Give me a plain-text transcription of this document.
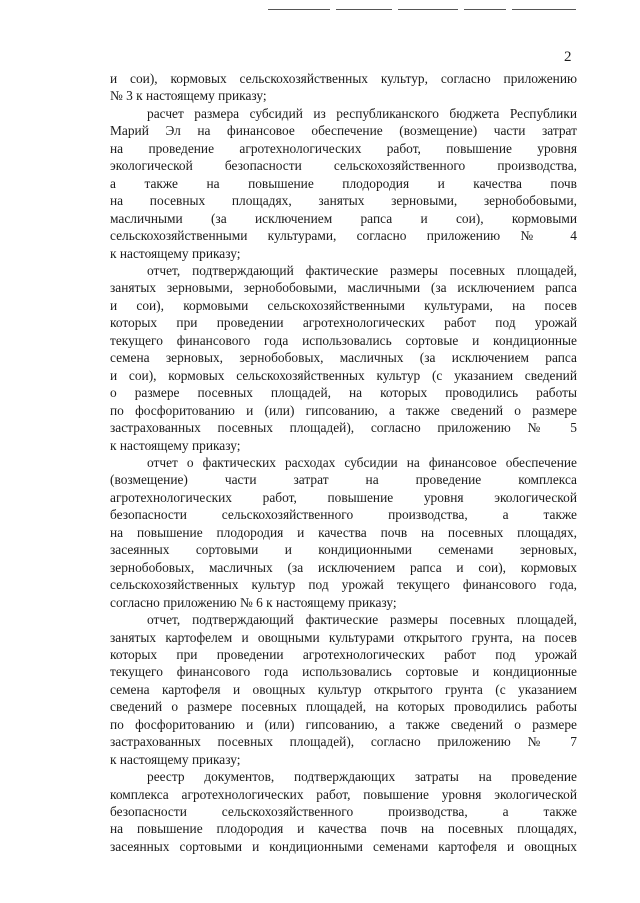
2

и сои), кормовых сельскохозяйственных культур, согласно приложению
№ 3 к настоящему приказу;

расчет размера субсидий из республиканского бюджета Республики
Марий Эл на финансовое обеспечение (возмещение) части затрат
на проведение агротехнологических работ, повышение уровня
экологической безопасности сельскохозяйственного производства,
а также на повышение плодородия и качества почв
на посевных площадях, занятых зерновыми, зернобобовыми,
масличными (за исключением рапса и сои), кормовыми
сельскохозяйственными культурами, согласно приложению № 4
к настоящему приказу;

отчет, подтверждающий фактические размеры посевных площадей,
занятых зерновыми, зернобобовыми, масличными (за исключением рапса
и сои), кормовыми сельскохозяйственными культурами, на посев
которых при проведении агротехнологических работ под урожай
текущего финансового года использовались сортовые и кондиционные
семена зерновых, зернобобовых, масличных (за исключением рапса
и сои), кормовых сельскохозяйственных культур (с указанием сведений
о размере посевных площадей, на которых проводились работы
по фосфоритованию и (или) гипсованию, а также сведений о размере
застрахованных посевных площадей), согласно приложению № 5
к настоящему приказу;

отчет о фактических расходах субсидии на финансовое обеспечение
(возмещение) части затрат на проведение комплекса
агротехнологических работ, повышение уровня экологической
безопасности сельскохозяйственного производства, а также
на повышение плодородия и качества почв на посевных площадях,
засеянных сортовыми и кондиционными семенами зерновых,
зернобобовых, масличных (за исключением рапса и сои), кормовых
сельскохозяйственных культур под урожай текущего финансового года,
согласно приложению № 6 к настоящему приказу;

отчет, подтверждающий фактические размеры посевных площадей,
занятых картофелем и овощными культурами открытого грунта, на посев
которых при проведении агротехнологических работ под урожай
текущего финансового года использовались сортовые и кондиционные
семена картофеля и овощных культур открытого грунта (с указанием
сведений о размере посевных площадей, на которых проводились работы
по фосфоритованию и (или) гипсованию, а также сведений о размере
застрахованных посевных площадей), согласно приложению № 7
к настоящему приказу;

реестр документов, подтверждающих затраты на проведение
комплекса агротехнологических работ, повышение уровня экологической
безопасности сельскохозяйственного производства, а также
на повышение плодородия и качества почв на посевных площадях,
засеянных сортовыми и кондиционными семенами картофеля и овощных
